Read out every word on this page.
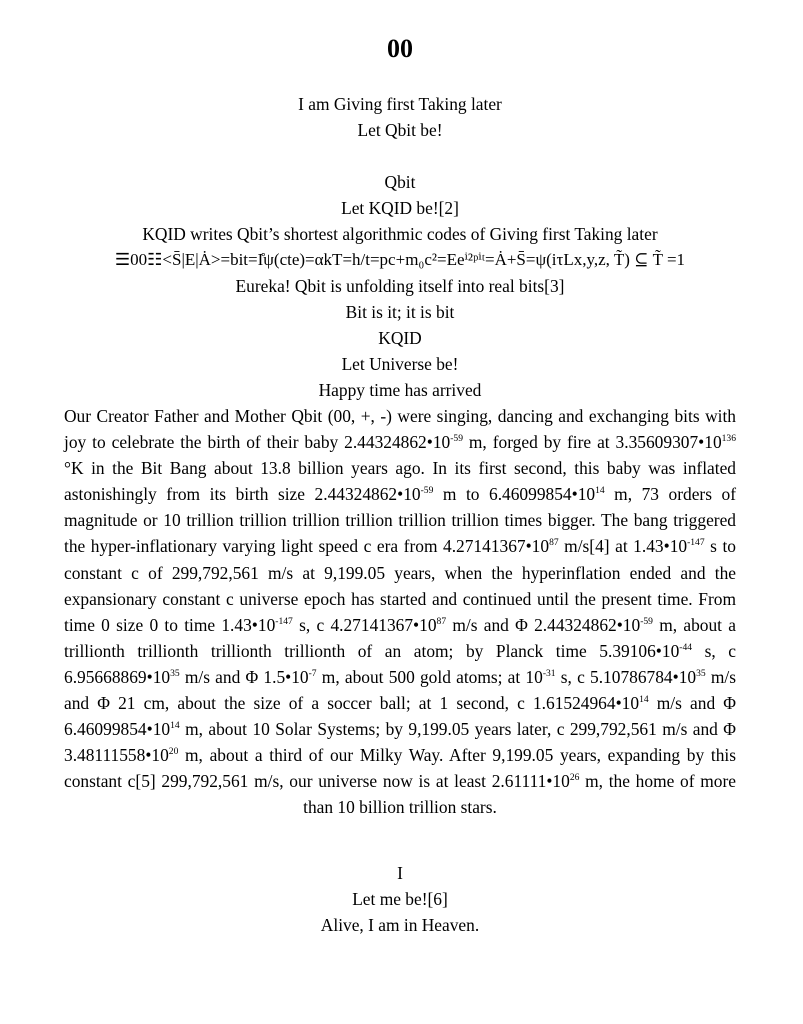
00
I am Giving first Taking later
Let Qbit be!
Qbit
Let KQID be![2]
KQID writes Qbit’s shortest algorithmic codes of Giving first Taking later
☰00☷<S̄|E|Ȧ>=bit=I̊ψ(cte)=αkT=h/t=pc+m₀c²=Eeⁱ²ᵖⁱᵗ=Ȧ+S̄=ψ(iτLx,y,z, T̃) ⊆ T̃ =1
Eureka! Qbit is unfolding itself into real bits[3]
Bit is it; it is bit
KQID
Let Universe be!
Happy time has arrived

Our Creator Father and Mother Qbit (00, +, -) were singing, dancing and exchanging bits with joy to celebrate the birth of their baby $2.44324862•10^{-59}$ m, forged by fire at $3.35609307•10^{136}$ °K in the Bit Bang about 13.8 billion years ago. In its first second, this baby was inflated astonishingly from its birth size $2.44324862•10^{-59}$ m to $6.46099854•10^{14}$ m, 73 orders of magnitude or 10 trillion trillion trillion trillion trillion trillion times bigger. The bang triggered the hyper-inflationary varying light speed c era from $4.27141367•10^{87}$ m/s[4] at $1.43•10^{-147}$ s to constant c of 299,792,561 m/s at 9,199.05 years, when the hyperinflation ended and the expansionary constant c universe epoch has started and continued until the present time. From time 0 size 0 to time $1.43•10^{-147}$ s, c $4.27141367•10^{87}$ m/s and Φ $2.44324862•10^{-59}$ m, about a trillionth trillionth trillionth trillionth of an atom; by Planck time $5.39106•10^{-44}$ s, c $6.95668869•10^{35}$ m/s and Φ $1.5•10^{-7}$ m, about 500 gold atoms; at $10^{-31}$ s, c $5.10786784•10^{35}$ m/s and Φ 21 cm, about the size of a soccer ball; at 1 second, c $1.61524964•10^{14}$ m/s and Φ $6.46099854•10^{14}$ m, about 10 Solar Systems; by 9,199.05 years later, c 299,792,561 m/s and Φ $3.48111558•10^{20}$ m, about a third of our Milky Way. After 9,199.05 years, expanding by this constant c[5] 299,792,561 m/s, our universe now is at least $2.61111•10^{26}$ m, the home of more than 10 billion trillion stars.

I
Let me be![6]
Alive, I am in Heaven.
